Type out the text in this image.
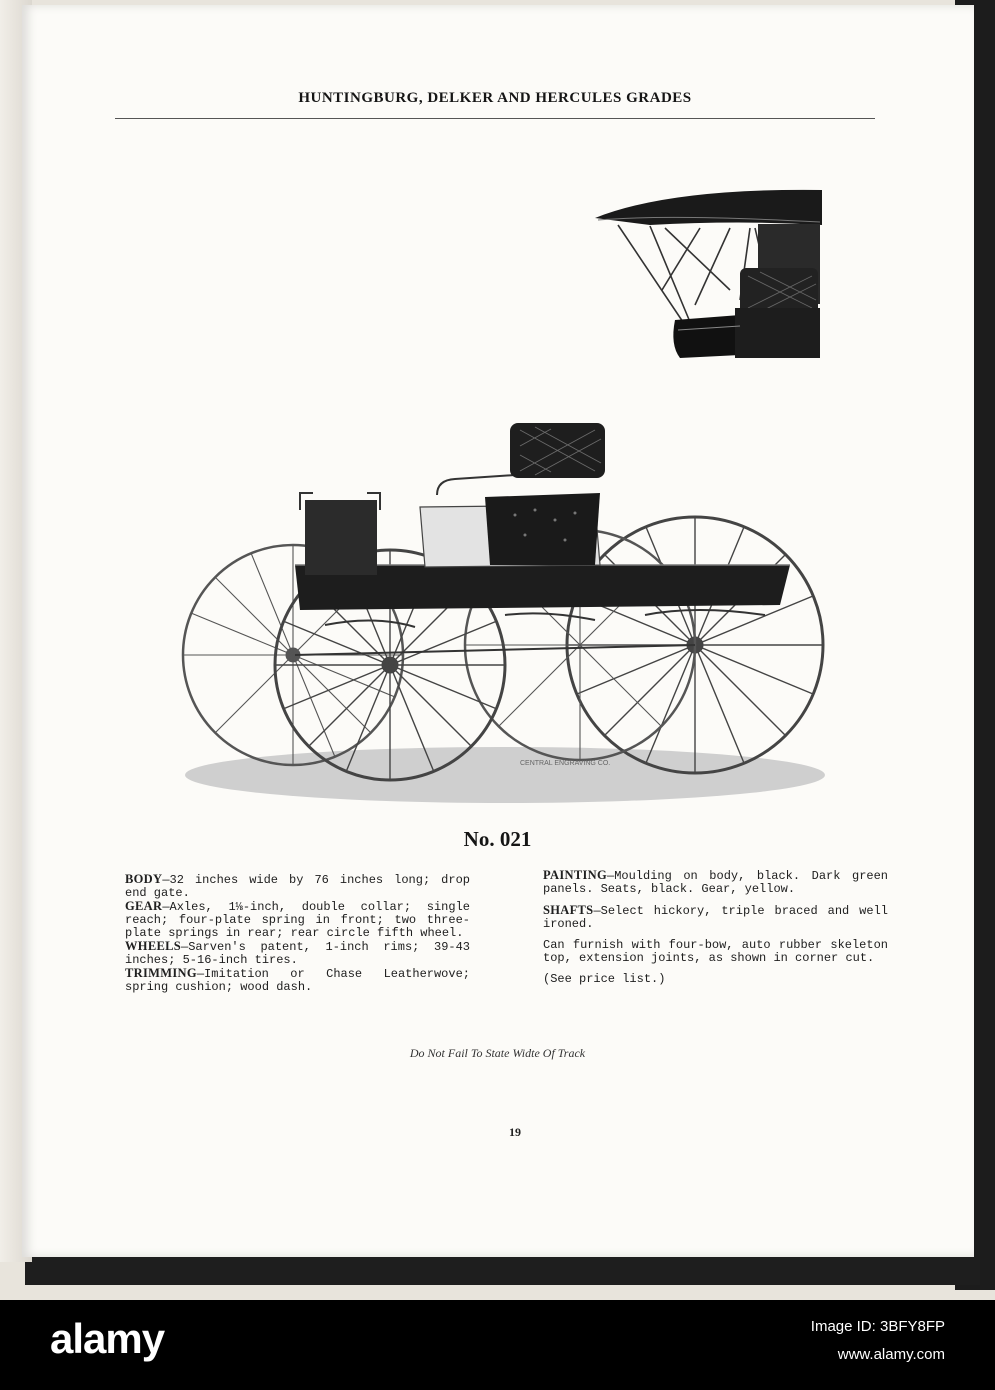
HUNTINGBURG, DELKER AND HERCULES GRADES
CENTRAL ENGRAVING CO.
No. 021

BODY—32 inches wide by 76 inches long; drop end gate.

GEAR—Axles, 1⅛-inch, double collar; single reach; four-plate spring in front; two three-plate springs in rear; rear circle fifth wheel.

WHEELS—Sarven's patent, 1-inch rims; 39-43 inches; 5-16-inch tires.

TRIMMING—Imitation or Chase Leatherwove; spring cushion; wood dash.

PAINTING—Moulding on body, black. Dark green panels. Seats, black. Gear, yellow.

SHAFTS—Select hickory, triple braced and well ironed.

Can furnish with four-bow, auto rubber skeleton top, extension joints, as shown in corner cut.

(See price list.)

Do Not Fail To State Widte Of Track
19
alamy	Image ID: 3BFY8FP
www.alamy.com
